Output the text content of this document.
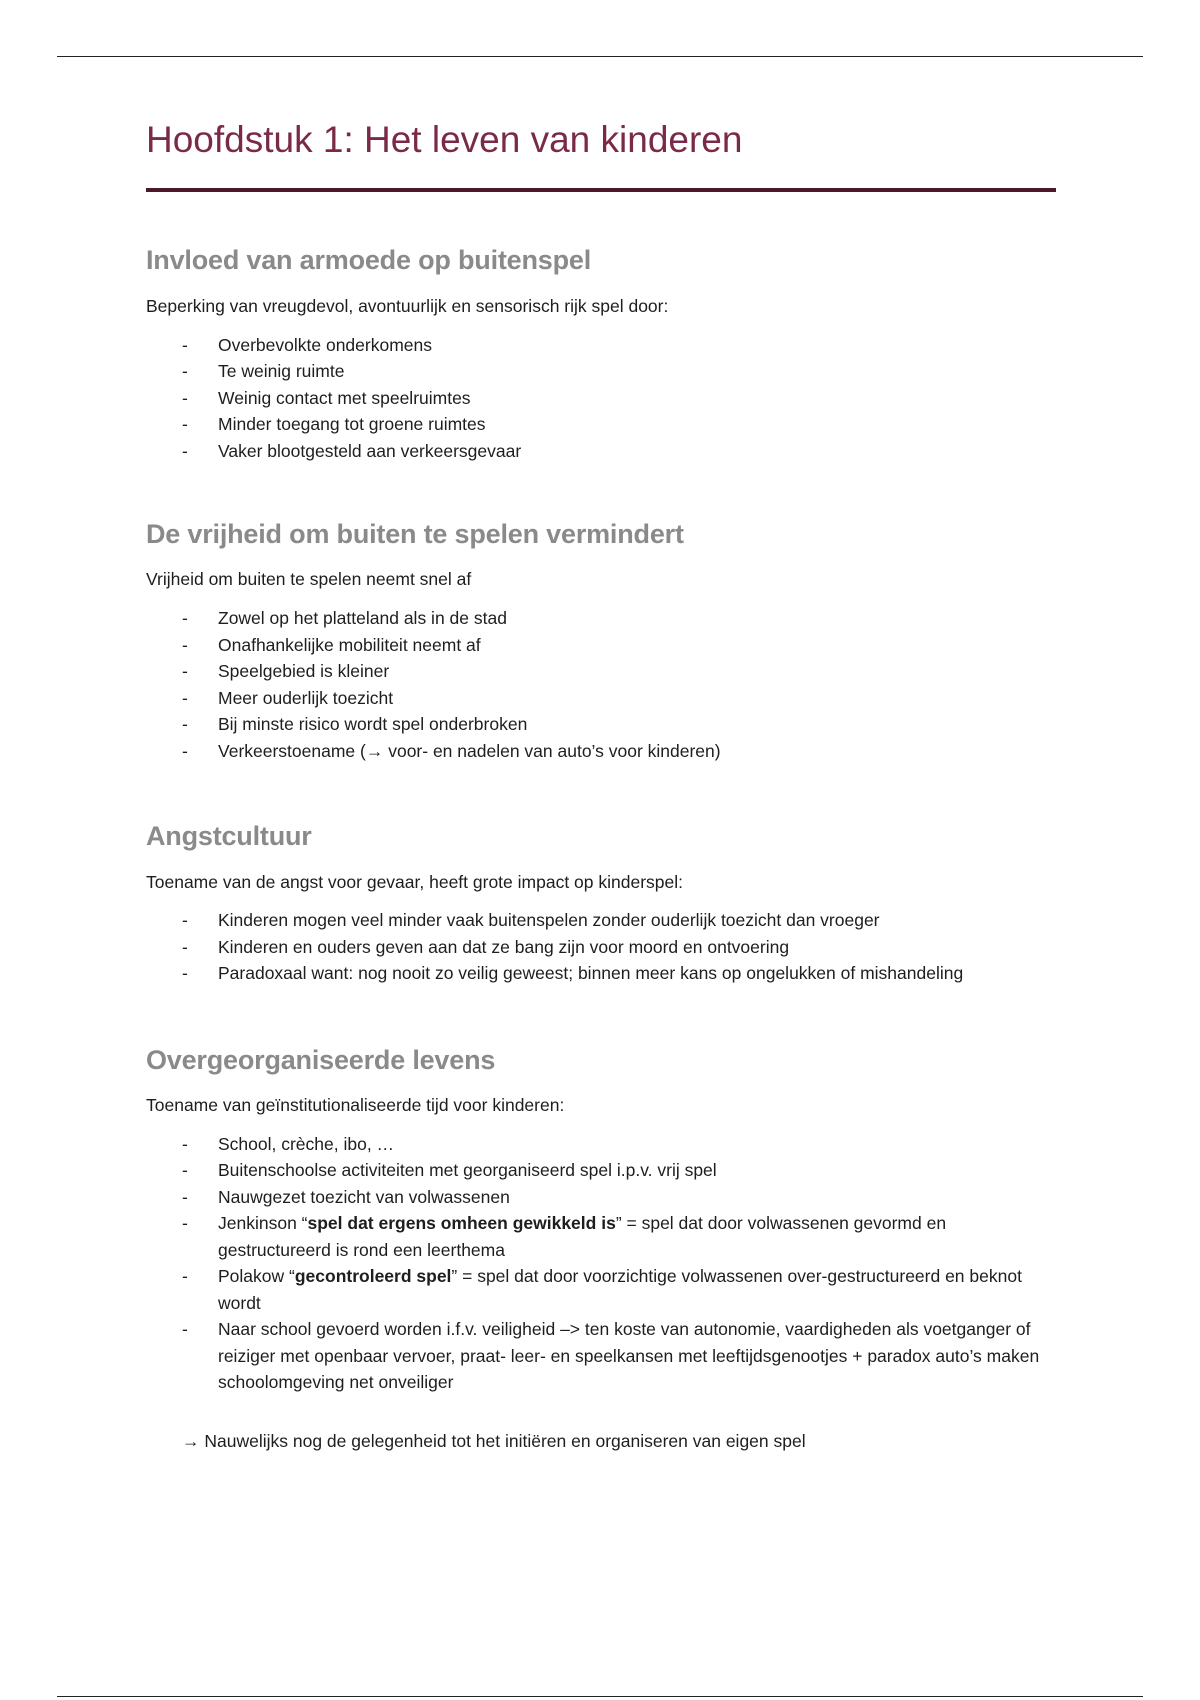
Hoofdstuk 1: Het leven van kinderen
Invloed van armoede op buitenspel

Beperking van vreugdevol, avontuurlijk en sensorisch rijk spel door:

- Overbevolkte onderkomens
- Te weinig ruimte
- Weinig contact met speelruimtes
- Minder toegang tot groene ruimtes
- Vaker blootgesteld aan verkeersgevaar
De vrijheid om buiten te spelen vermindert

Vrijheid om buiten te spelen neemt snel af

- Zowel op het platteland als in de stad
- Onafhankelijke mobiliteit neemt af
- Speelgebied is kleiner
- Meer ouderlijk toezicht
- Bij minste risico wordt spel onderbroken
- Verkeerstoename (→ voor- en nadelen van auto’s voor kinderen)
Angstcultuur

Toename van de angst voor gevaar, heeft grote impact op kinderspel:

- Kinderen mogen veel minder vaak buitenspelen zonder ouderlijk toezicht dan vroeger
- Kinderen en ouders geven aan dat ze bang zijn voor moord en ontvoering
- Paradoxaal want: nog nooit zo veilig geweest; binnen meer kans op ongelukken of mishandeling
Overgeorganiseerde levens

Toename van geïnstitutionaliseerde tijd voor kinderen:

- School, crèche, ibo, …
- Buitenschoolse activiteiten met georganiseerd spel i.p.v. vrij spel
- Nauwgezet toezicht van volwassenen
- Jenkinson “spel dat ergens omheen gewikkeld is” = spel dat door volwassenen gevormd en gestructureerd is rond een leerthema
- Polakow “gecontroleerd spel” = spel dat door voorzichtige volwassenen over-gestructureerd en beknot wordt
- Naar school gevoerd worden i.f.v. veiligheid –> ten koste van autonomie, vaardigheden als voetganger of reiziger met openbaar vervoer, praat- leer- en speelkansen met leeftijdsgenootjes + paradox auto’s maken schoolomgeving net onveiliger

→ Nauwelijks nog de gelegenheid tot het initiëren en organiseren van eigen spel
